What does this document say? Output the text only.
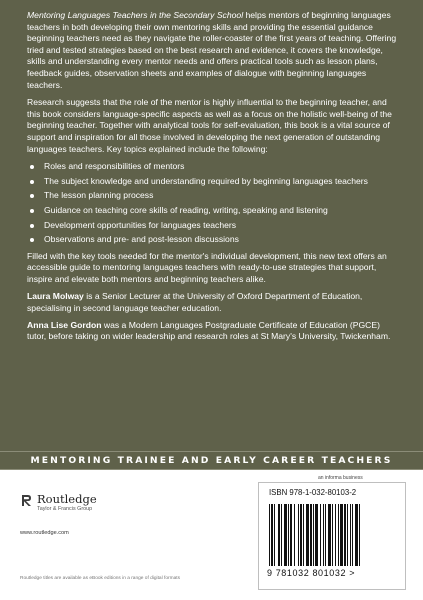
Mentoring Languages Teachers in the Secondary School helps mentors of beginning languages teachers in both developing their own mentoring skills and providing the essential guidance beginning teachers need as they navigate the roller-coaster of the first years of teaching. Offering tried and tested strategies based on the best research and evidence, it covers the knowledge, skills and understanding every mentor needs and offers practical tools such as lesson plans, feedback guides, observation sheets and examples of dialogue with beginning languages teachers.

Research suggests that the role of the mentor is highly influential to the beginning teacher, and this book considers language-specific aspects as well as a focus on the holistic well-being of the beginning teacher. Together with analytical tools for self-evaluation, this book is a vital source of support and inspiration for all those involved in developing the next generation of outstanding languages teachers. Key topics explained include the following:

Roles and responsibilities of mentors
The subject knowledge and understanding required by beginning languages teachers
The lesson planning process
Guidance on teaching core skills of reading, writing, speaking and listening
Development opportunities for languages teachers
Observations and pre- and post-lesson discussions

Filled with the key tools needed for the mentor's individual development, this new text offers an accessible guide to mentoring languages teachers with ready-to-use strategies that support, inspire and elevate both mentors and beginning teachers alike.

Laura Molway is a Senior Lecturer at the University of Oxford Department of Education, specialising in second language teacher education.

Anna Lise Gordon was a Modern Languages Postgraduate Certificate of Education (PGCE) tutor, before taking on wider leadership and research roles at St Mary's University, Twickenham.

MENTORING TRAINEE AND EARLY CAREER TEACHERS
Routledge
Taylor & Francis Group
www.routledge.com
Routledge titles are available as eBook editions in a range of digital formats
an informa business
ISBN 978-1-032-80103-2
9 781032 801032 >
